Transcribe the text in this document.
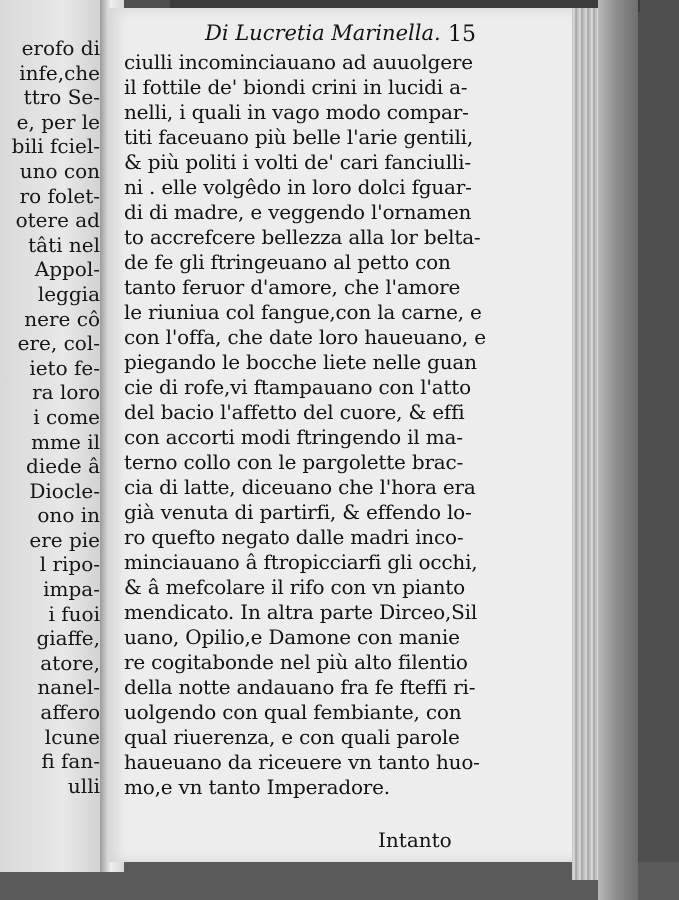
erofo di
infe,che
ttro Se-
e, per le
bili fciel-
uno con
ro folet-
otere ad
tâti nel
Appol-
leggia
nere cô
ere, col-
ieto fe-
ra loro
i come
mme il
diede â
Diocle-
ono in
ere pie
l ripo-
impa-
i fuoi
giaffe,
atore,
nanel-
affero
lcune
fi fan-
ulli
Di Lucretia Marinella. 15
ciulli incominciauano ad auuolgere
il fottile de' biondi crini in lucidi a-
nelli, i quali in vago modo compar-
titi faceuano più belle l'arie gentili,
& più politi i volti de' cari fanciulli-
ni . elle volgêdo in loro dolci fguar-
di di madre, e veggendo l'ornamen
to accrefcere bellezza alla lor belta-
de fe gli ftringeuano al petto con
tanto feruor d'amore, che l'amore
le riuniua col fangue,con la carne, e
con l'offa, che date loro haueuano, e
piegando le bocche liete nelle guan
cie di rofe,vi ftampauano con l'atto
del bacio l'affetto del cuore, & effi
con accorti modi ftringendo il ma-
terno collo con le pargolette brac-
cia di latte, diceuano che l'hora era
già venuta di partirfi, & effendo lo-
ro quefto negato dalle madri inco-
minciauano â ftropicciarfi gli occhi,
& â mefcolare il rifo con vn pianto
mendicato. In altra parte Dirceo,Sil
uano, Opilio,e Damone con manie
re cogitabonde nel più alto filentio
della notte andauano fra fe fteffi ri-
uolgendo con qual fembiante, con
qual riuerenza, e con quali parole
haueuano da riceuere vn tanto huo-
mo,e vn tanto Imperadore.
Intanto
